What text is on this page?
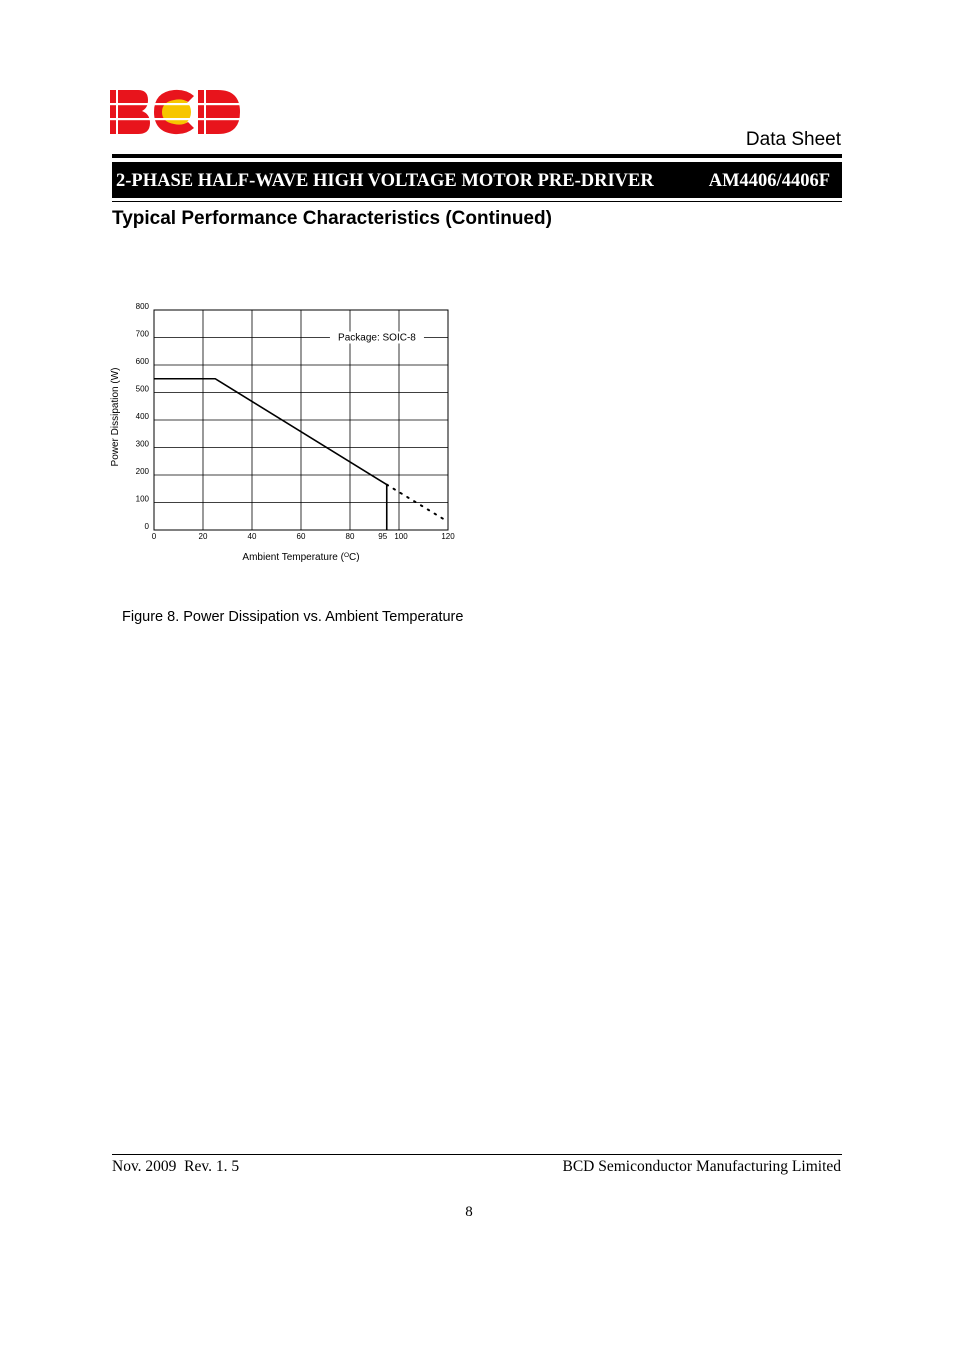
Data Sheet
2-PHASE HALF-WAVE HIGH VOLTAGE MOTOR PRE-DRIVER	AM4406/4406F
Typical Performance Characteristics (Continued)
0
100
200
300
400
500
600
700
800
0	20	40	60	80	95 100	120
Package: SOIC-8
Ambient Temperature ($^O$C)
Power Dissipation (W)
Figure 8. Power Dissipation vs. Ambient Temperature
Nov. 2009  Rev. 1. 5	BCD Semiconductor Manufacturing Limited
8
